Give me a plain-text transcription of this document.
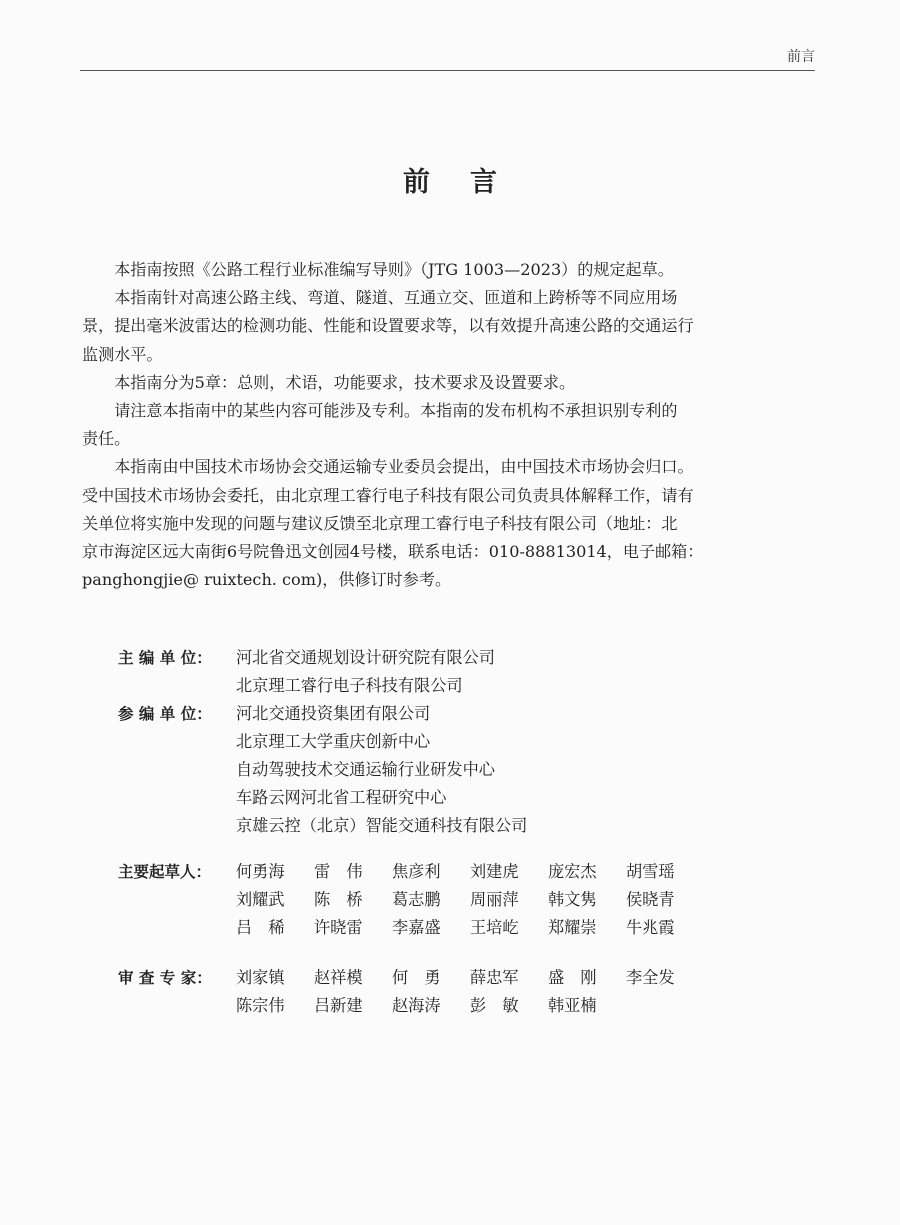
前言
前言

本指南按照《公路工程行业标准编写导则》（JTG 1003—2023）的规定起草。

本指南针对高速公路主线、弯道、隧道、互通立交、匝道和上跨桥等不同应用场
景，提出毫米波雷达的检测功能、性能和设置要求等，以有效提升高速公路的交通运行
监测水平。

本指南分为5章：总则，术语，功能要求，技术要求及设置要求。

请注意本指南中的某些内容可能涉及专利。本指南的发布机构不承担识别专利的
责任。

本指南由中国技术市场协会交通运输专业委员会提出，由中国技术市场协会归口。
受中国技术市场协会委托，由北京理工睿行电子科技有限公司负责具体解释工作，请有
关单位将实施中发现的问题与建议反馈至北京理工睿行电子科技有限公司（地址：北
京市海淀区远大南街6号院鲁迅文创园4号楼，联系电话：010-88813014，电子邮箱：
panghongjie@ ruixtech. com)，供修订时参考。

主 编 单 位：	河北省交通规划设计研究院有限公司
北京理工睿行电子科技有限公司
参 编 单 位：	河北交通投资集团有限公司
北京理工大学重庆创新中心
自动驾驶技术交通运输行业研发中心
车路云网河北省工程研究中心
京雄云控（北京）智能交通科技有限公司
主要起草人：	何勇海	雷　伟	焦彦利	刘建虎	庞宏杰	胡雪瑶
刘耀武	陈　桥	葛志鹏	周丽萍	韩文隽	侯晓青
吕　稀	许晓雷	李嘉盛	王培屹	郑耀崇	牛兆霞
审 查 专 家：	刘家镇	赵祥模	何　勇	薛忠军	盛　刚	李全发
陈宗伟	吕新建	赵海涛	彭　敏	韩亚楠
